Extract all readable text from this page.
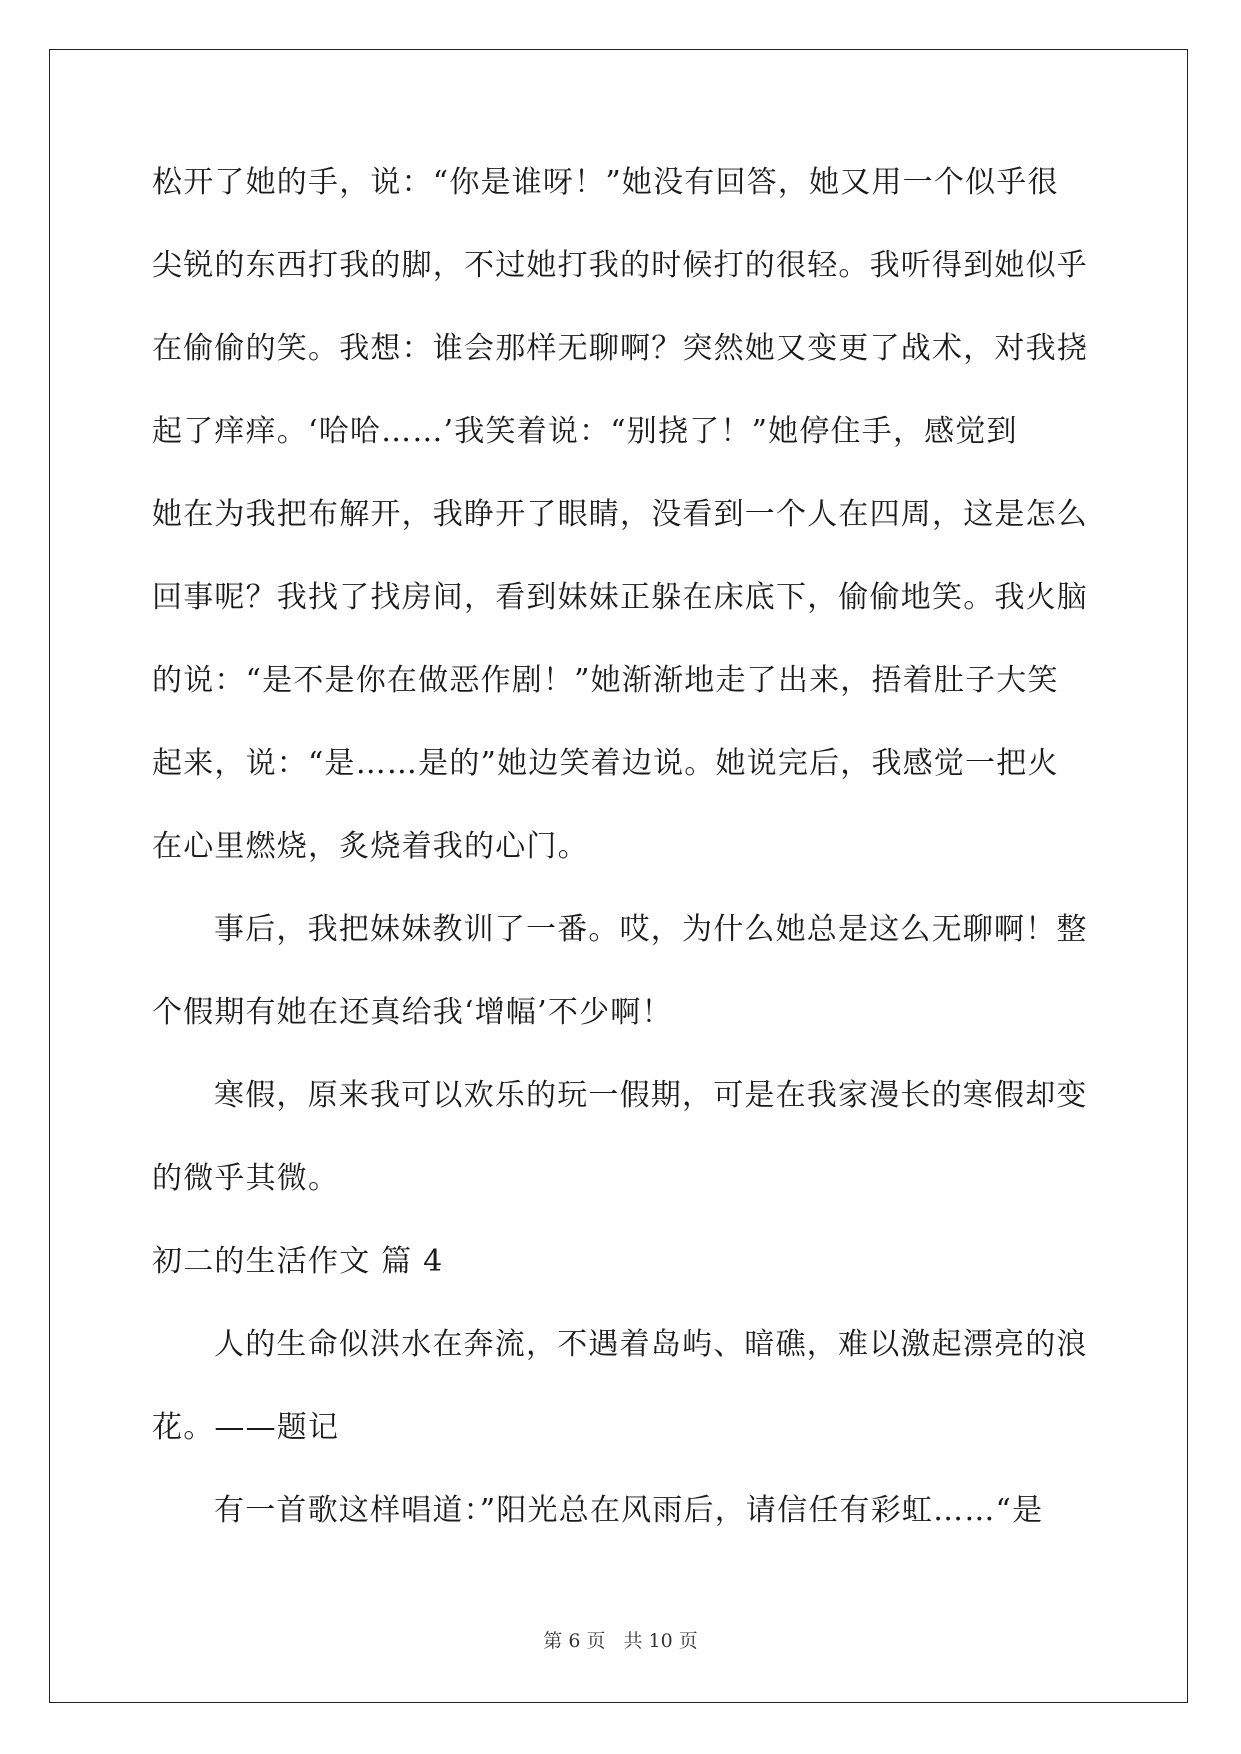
松开了她的手，说：“你是谁呀！”她没有回答，她又用一个似乎很
尖锐的东西打我的脚，不过她打我的时候打的很轻。我听得到她似乎
在偷偷的笑。我想：谁会那样无聊啊？突然她又变更了战术，对我挠
起了痒痒。‘哈哈……’我笑着说：“别挠了！”她停住手，感觉到
她在为我把布解开，我睁开了眼睛，没看到一个人在四周，这是怎么
回事呢？我找了找房间，看到妹妹正躲在床底下，偷偷地笑。我火脑
的说：“是不是你在做恶作剧！”她渐渐地走了出来，捂着肚子大笑
起来，说：“是……是的”她边笑着边说。她说完后，我感觉一把火
在心里燃烧，炙烧着我的心门。
事后，我把妹妹教训了一番。哎，为什么她总是这么无聊啊！整
个假期有她在还真给我‘增幅’不少啊！
寒假，原来我可以欢乐的玩一假期，可是在我家漫长的寒假却变
的微乎其微。
初二的生活作文 篇 4
人的生命似洪水在奔流，不遇着岛屿、暗礁，难以激起漂亮的浪
花。——题记
有一首歌这样唱道：”阳光总在风雨后，请信任有彩虹……“是
第 6 页 共 10 页
